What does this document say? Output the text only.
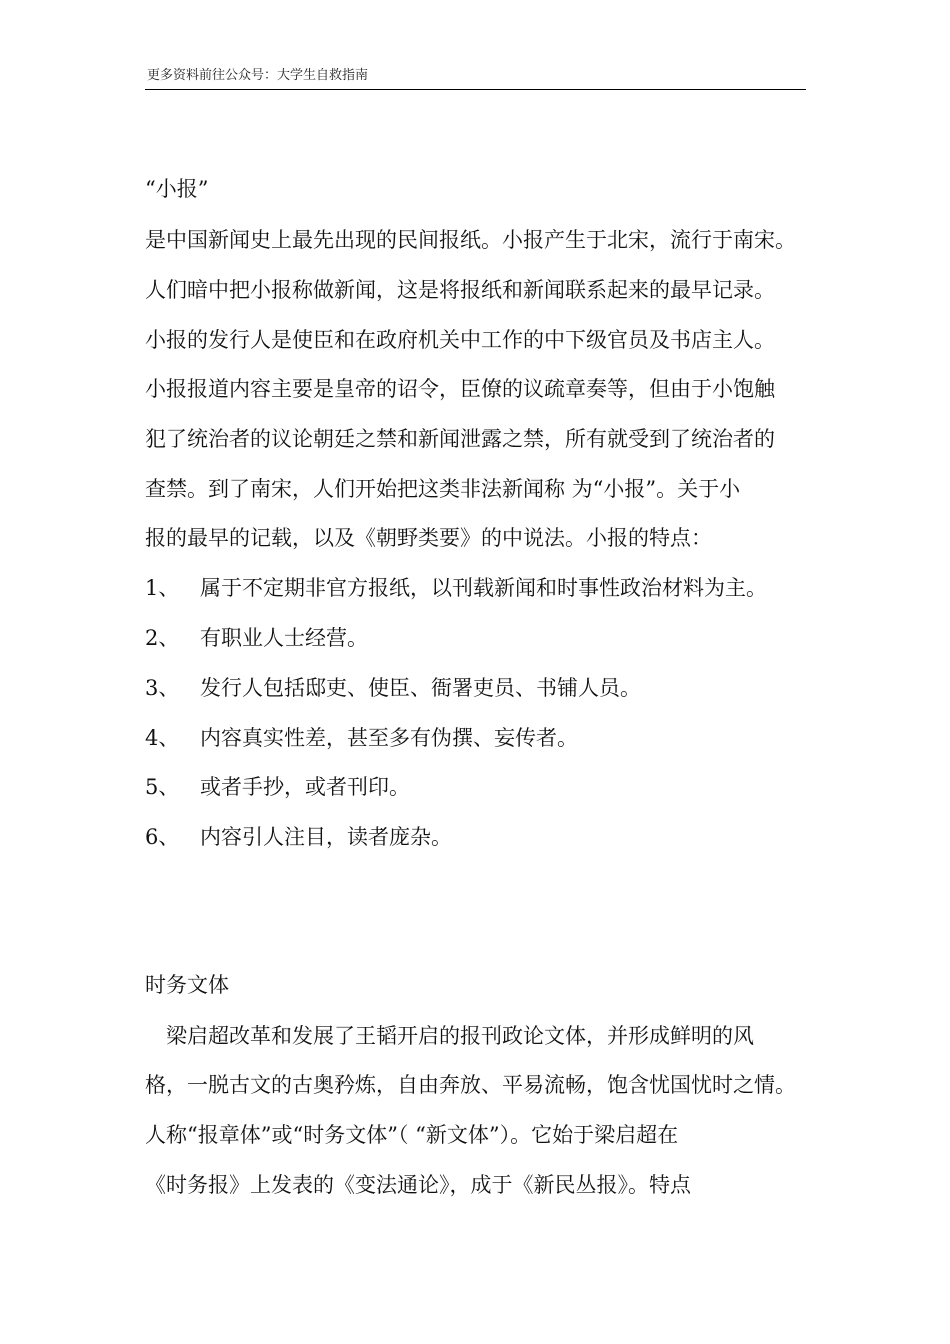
更多资料前往公众号：大学生自救指南
“小报”
是中国新闻史上最先出现的民间报纸。小报产生于北宋，流行于南宋。
人们暗中把小报称做新闻，这是将报纸和新闻联系起来的最早记录。
小报的发行人是使臣和在政府机关中工作的中下级官员及书店主人。
小报报道内容主要是皇帝的诏令，臣僚的议疏章奏等，但由于小饱触
犯了统治者的议论朝廷之禁和新闻泄露之禁，所有就受到了统治者的
查禁。到了南宋，人们开始把这类非法新闻称 为“小报”。关于小
报的最早的记载，以及《朝野类要》的中说法。小报的特点：
1、 属于不定期非官方报纸，以刊载新闻和时事性政治材料为主。
2、 有职业人士经营。
3、 发行人包括邸吏、使臣、衙署吏员、书铺人员。
4、 内容真实性差，甚至多有伪撰、妄传者。
5、 或者手抄，或者刊印。
6、 内容引人注目，读者庞杂。
时务文体
梁启超改革和发展了王韬开启的报刊政论文体，并形成鲜明的风
格，一脱古文的古奥矜炼，自由奔放、平易流畅，饱含忧国忧时之情。
人称“报章体”或“时务文体”（ “新文体”）。它始于梁启超在
《时务报》上发表的《变法通论》，成于《新民丛报》。特点
